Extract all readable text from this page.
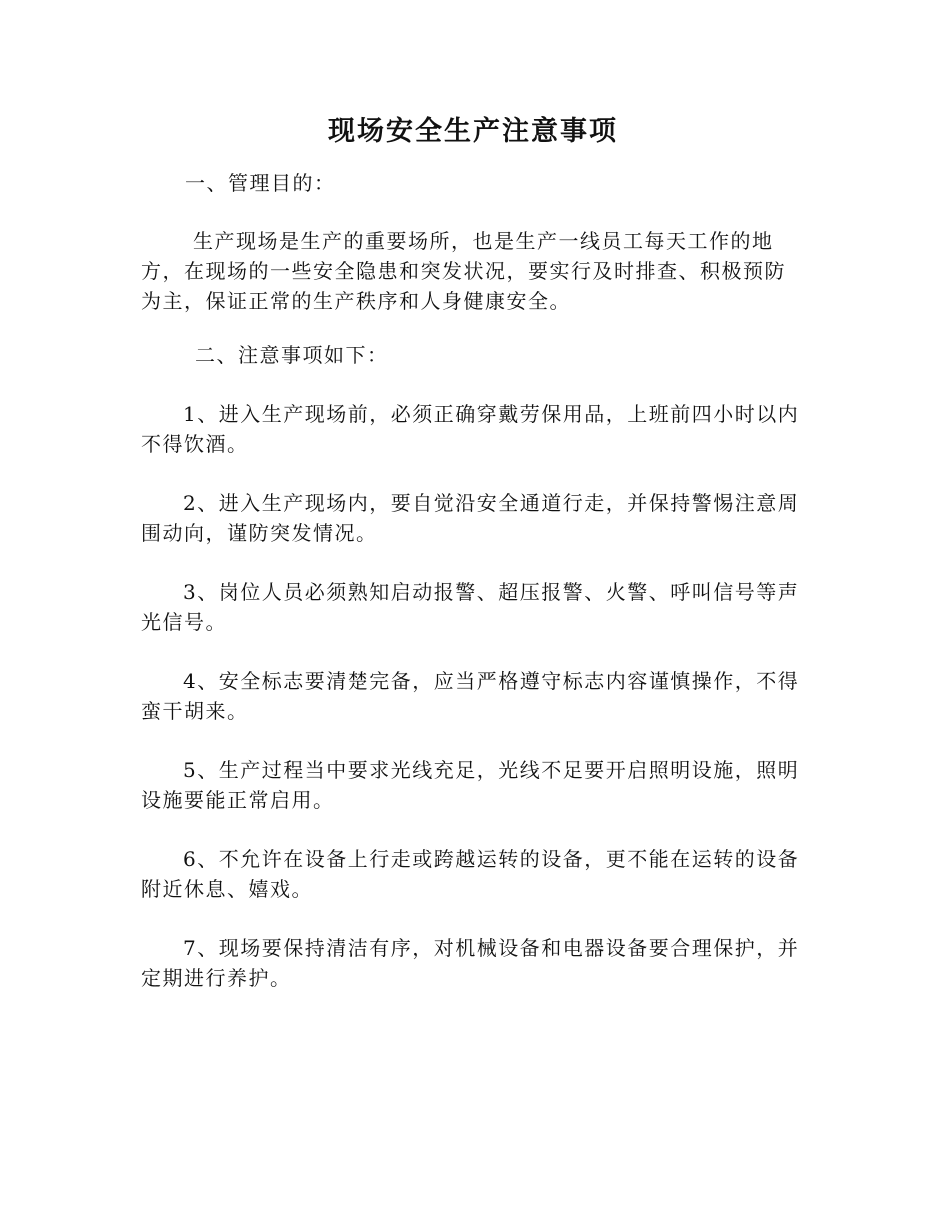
现场安全生产注意事项

一、管理目的：

生产现场是生产的重要场所，也是生产一线员工每天工作的地方，在现场的一些安全隐患和突发状况，要实行及时排查、积极预防为主，保证正常的生产秩序和人身健康安全。

二、注意事项如下：

1、进入生产现场前，必须正确穿戴劳保用品，上班前四小时以内不得饮酒。

2、进入生产现场内，要自觉沿安全通道行走，并保持警惕注意周围动向，谨防突发情况。

3、岗位人员必须熟知启动报警、超压报警、火警、呼叫信号等声光信号。

4、安全标志要清楚完备，应当严格遵守标志内容谨慎操作，不得蛮干胡来。

5、生产过程当中要求光线充足，光线不足要开启照明设施，照明设施要能正常启用。

6、不允许在设备上行走或跨越运转的设备，更不能在运转的设备附近休息、嬉戏。

7、现场要保持清洁有序，对机械设备和电器设备要合理保护，并定期进行养护。
